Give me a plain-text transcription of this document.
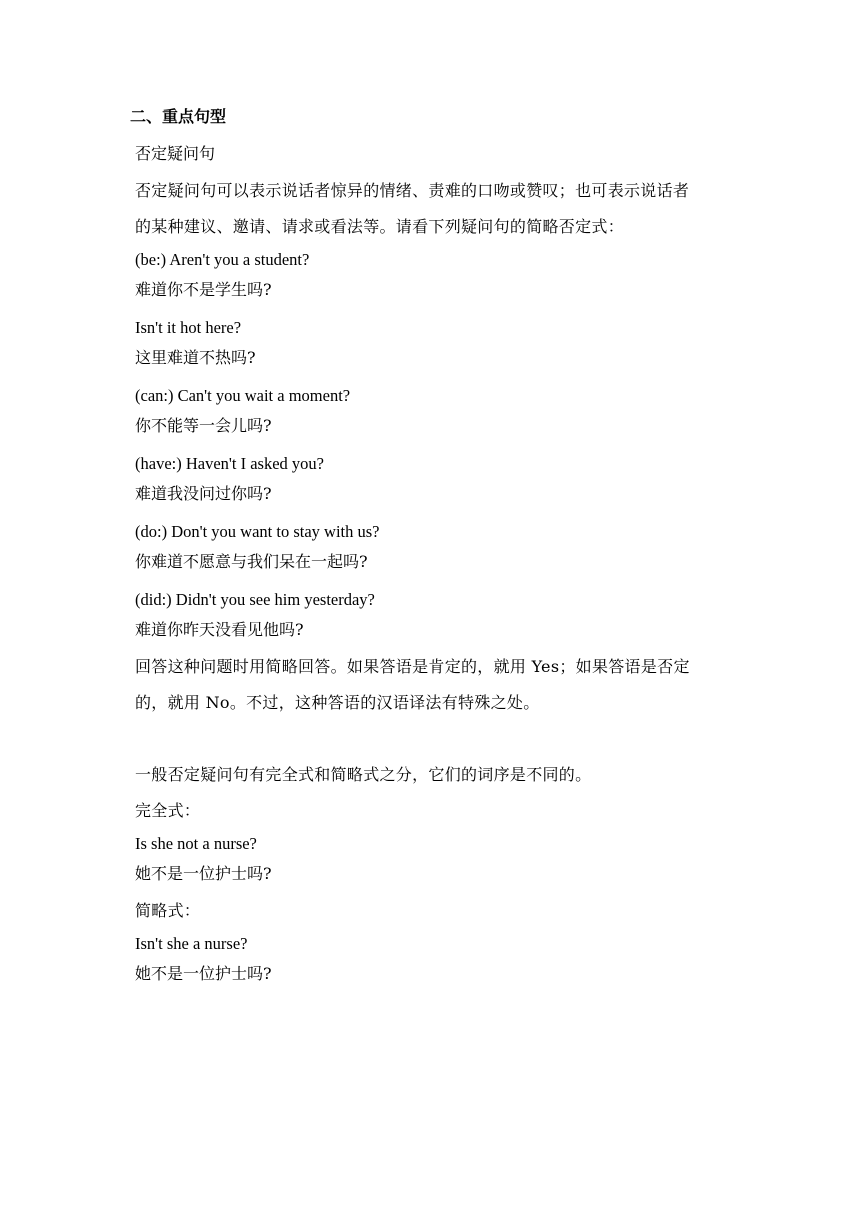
二、重点句型
否定疑问句
否定疑问句可以表示说话者惊异的情绪、责难的口吻或赞叹；也可表示说话者
的某种建议、邀请、请求或看法等。请看下列疑问句的简略否定式：
(be:) Aren't you a student?
难道你不是学生吗?
Isn't it hot here?
这里难道不热吗?
(can:) Can't you wait a moment?
你不能等一会儿吗?
(have:) Haven't I asked you?
难道我没问过你吗?
(do:) Don't you want to stay with us?
你难道不愿意与我们呆在一起吗?
(did:) Didn't you see him yesterday?
难道你昨天没看见他吗?
回答这种问题时用简略回答。如果答语是肯定的，就用 Yes；如果答语是否定
的，就用 No。不过，这种答语的汉语译法有特殊之处。
一般否定疑问句有完全式和简略式之分，它们的词序是不同的。
完全式：
Is she not a nurse?
她不是一位护士吗?
简略式：
Isn't she a nurse?
她不是一位护士吗?
